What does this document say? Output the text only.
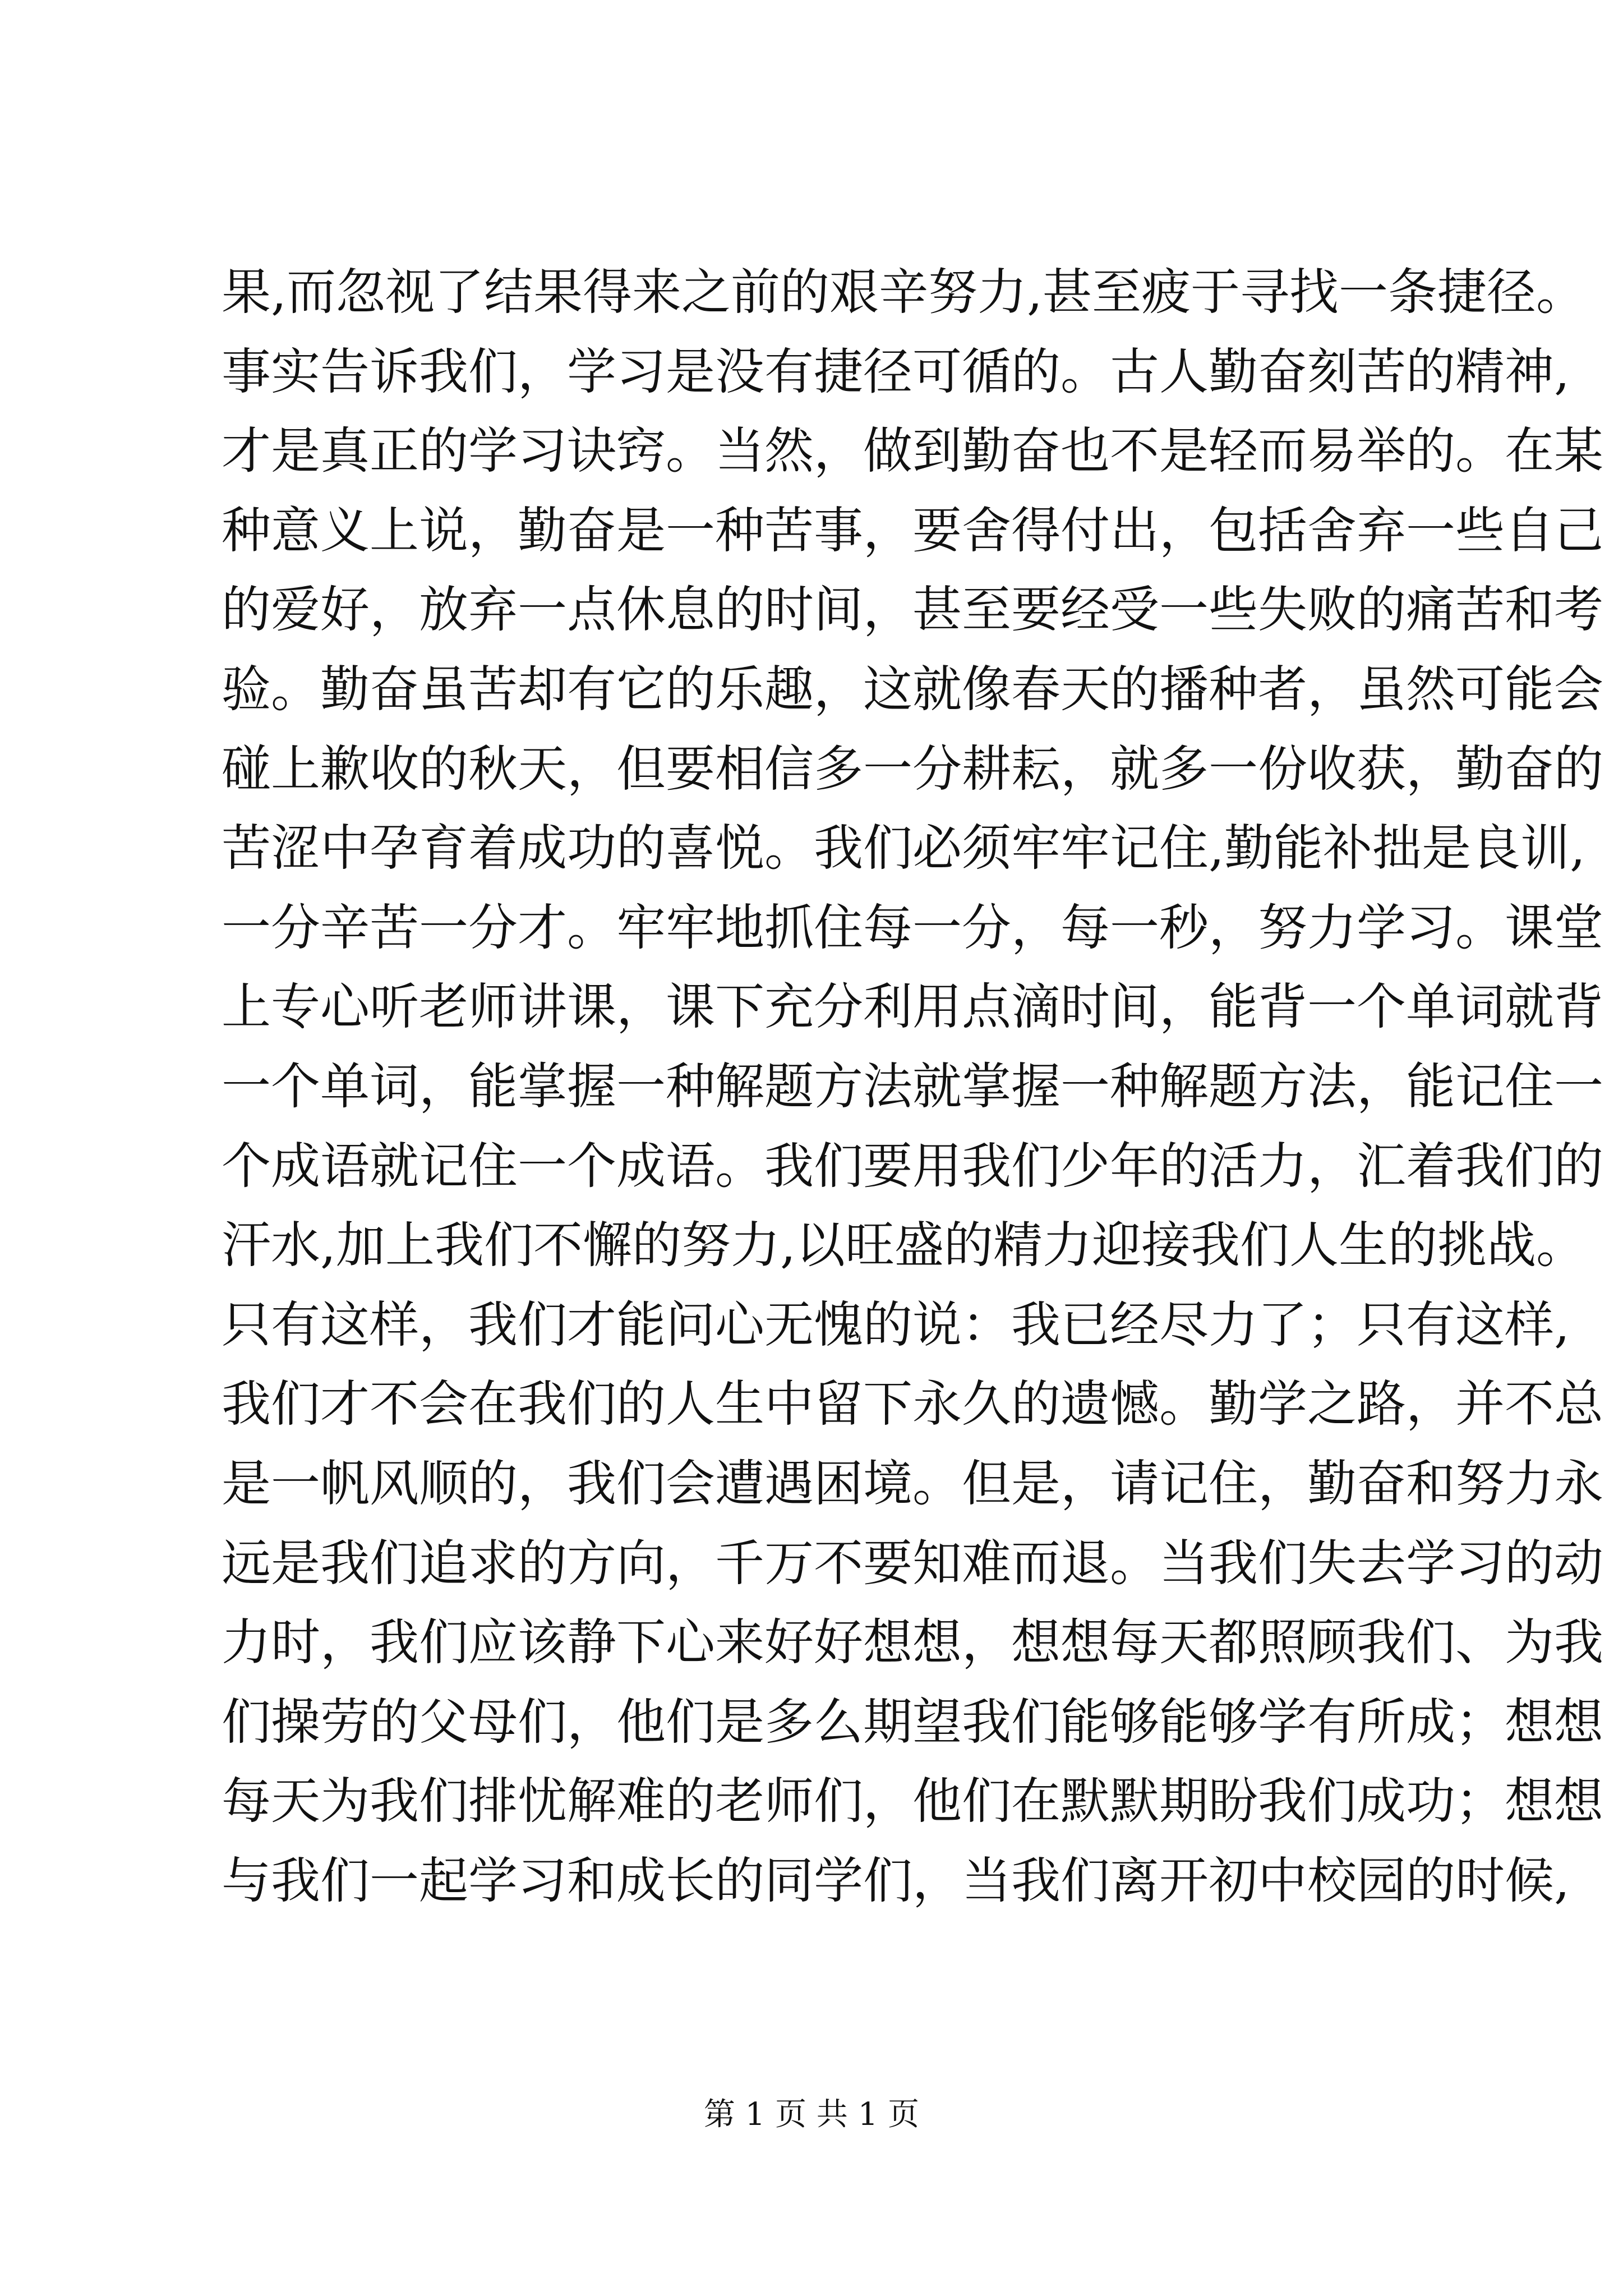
果,而忽视了结果得来之前的艰辛努力,甚至疲于寻找一条捷径。
事实告诉我们，学习是没有捷径可循的。古人勤奋刻苦的精神,
才是真正的学习诀窍。当然，做到勤奋也不是轻而易举的。在某
种意义上说，勤奋是一种苦事，要舍得付出，包括舍弃一些自己
的爱好，放弃一点休息的时间，甚至要经受一些失败的痛苦和考
验。勤奋虽苦却有它的乐趣，这就像春天的播种者，虽然可能会
碰上歉收的秋天，但要相信多一分耕耘，就多一份收获，勤奋的
苦涩中孕育着成功的喜悦。我们必须牢牢记住,勤能补拙是良训,
一分辛苦一分才。牢牢地抓住每一分，每一秒，努力学习。课堂
上专心听老师讲课，课下充分利用点滴时间，能背一个单词就背
一个单词，能掌握一种解题方法就掌握一种解题方法，能记住一
个成语就记住一个成语。我们要用我们少年的活力，汇着我们的
汗水,加上我们不懈的努力,以旺盛的精力迎接我们人生的挑战。
只有这样，我们才能问心无愧的说：我已经尽力了；只有这样,
我们才不会在我们的人生中留下永久的遗憾。勤学之路，并不总
是一帆风顺的，我们会遭遇困境。但是，请记住，勤奋和努力永
远是我们追求的方向，千万不要知难而退。当我们失去学习的动
力时，我们应该静下心来好好想想，想想每天都照顾我们、为我
们操劳的父母们，他们是多么期望我们能够能够学有所成；想想
每天为我们排忧解难的老师们，他们在默默期盼我们成功；想想
与我们一起学习和成长的同学们，当我们离开初中校园的时候,
第 1 页 共 1 页
